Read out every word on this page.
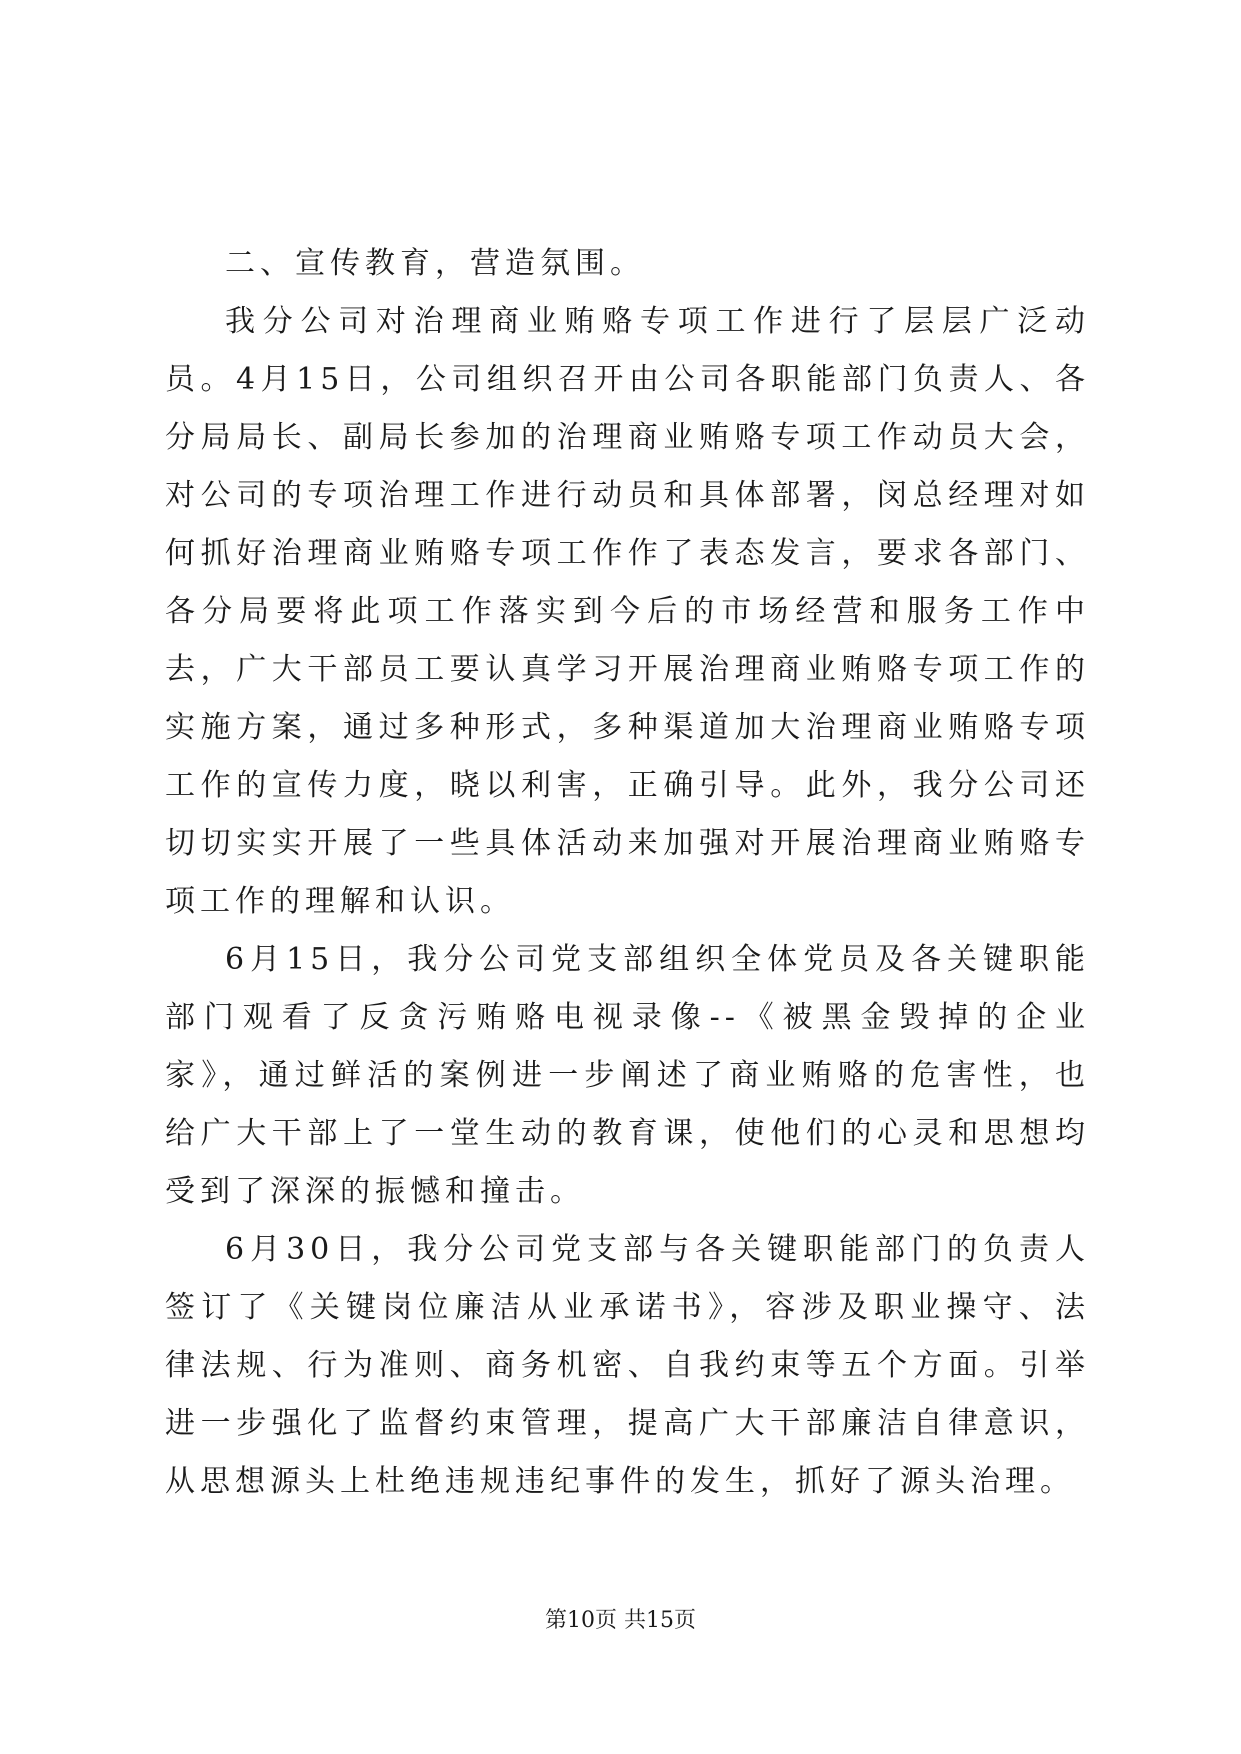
二、宣传教育，营造氛围。

我分公司对治理商业贿赂专项工作进行了层层广泛动员。4月15日，公司组织召开由公司各职能部门负责人、各分局局长、副局长参加的治理商业贿赂专项工作动员大会，对公司的专项治理工作进行动员和具体部署，闵总经理对如何抓好治理商业贿赂专项工作作了表态发言，要求各部门、各分局要将此项工作落实到今后的市场经营和服务工作中去，广大干部员工要认真学习开展治理商业贿赂专项工作的实施方案，通过多种形式，多种渠道加大治理商业贿赂专项工作的宣传力度，晓以利害，正确引导。此外，我分公司还切切实实开展了一些具体活动来加强对开展治理商业贿赂专项工作的理解和认识。

6月15日，我分公司党支部组织全体党员及各关键职能部门观看了反贪污贿赂电视录像--《被黑金毁掉的企业家》，通过鲜活的案例进一步阐述了商业贿赂的危害性，也给广大干部上了一堂生动的教育课，使他们的心灵和思想均受到了深深的振憾和撞击。

6月30日，我分公司党支部与各关键职能部门的负责人签订了《关键岗位廉洁从业承诺书》，容涉及职业操守、法律法规、行为准则、商务机密、自我约束等五个方面。引举进一步强化了监督约束管理，提高广大干部廉洁自律意识，从思想源头上杜绝违规违纪事件的发生，抓好了源头治理。

第10页 共15页
